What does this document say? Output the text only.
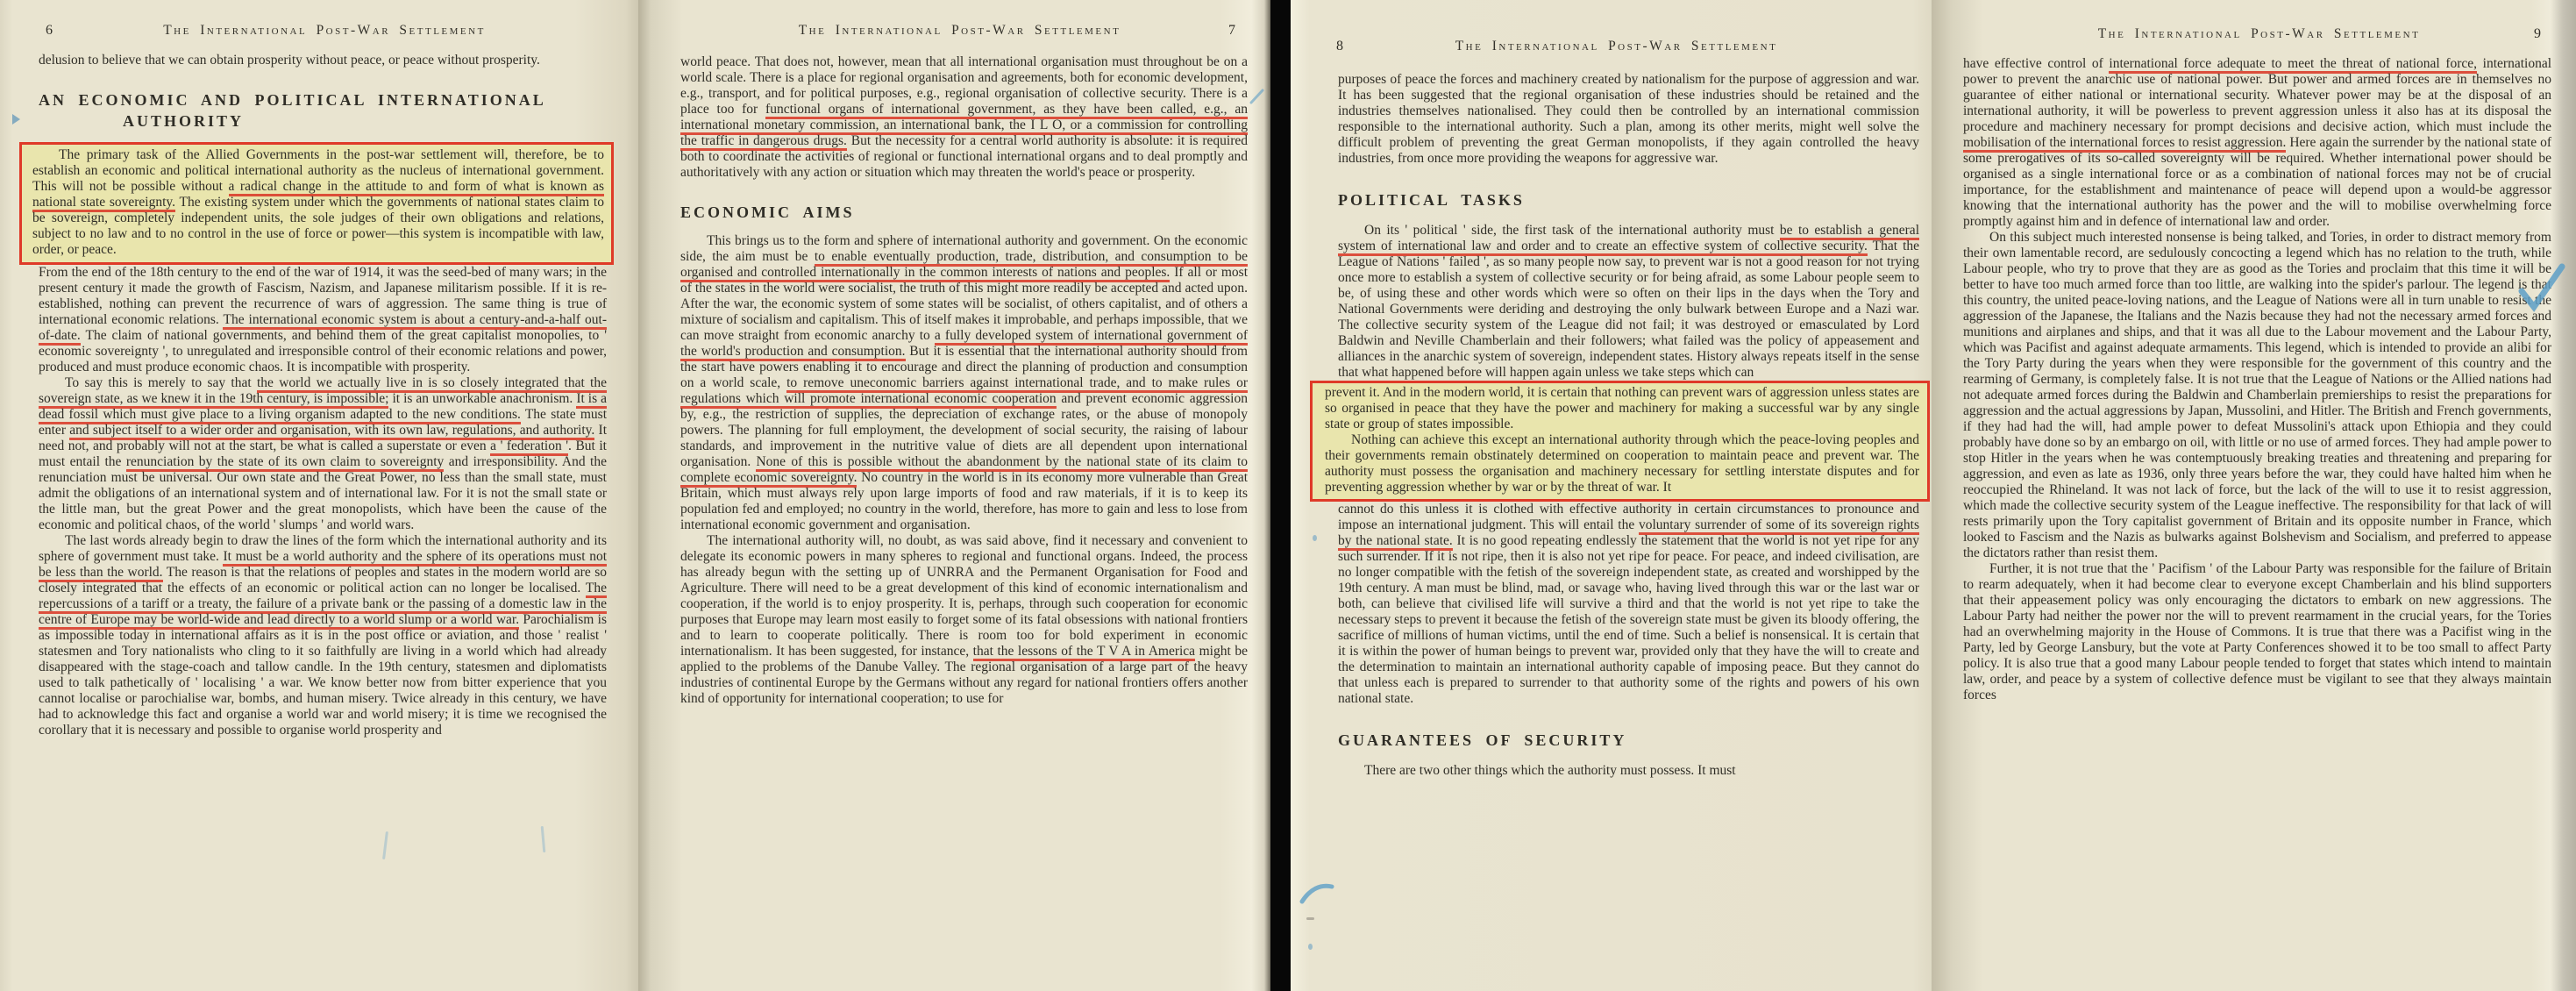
6	The International Post-War Settlement

delusion to believe that we can obtain prosperity without peace, or peace without prosperity.

AN ECONOMIC AND POLITICAL INTERNATIONAL
AUTHORITY

The primary task of the Allied Governments in the post-war settlement will, therefore, be to establish an economic and political international authority as the nucleus of international government. This will not be possible without a radical change in the attitude to and form of what is known as national state sovereignty. The existing system under which the governments of national states claim to be sovereign, completely independent units, the sole judges of their own obligations and relations, subject to no law and to no control in the use of force or power—this system is incompatible with law, order, or peace.

From the end of the 18th century to the end of the war of 1914, it was the seed-bed of many wars; in the present century it made the growth of Fascism, Nazism, and Japanese militarism possible. If it is re-established, nothing can prevent the recurrence of wars of aggression. The same thing is true of international economic relations. The international economic system is about a century-and-a-half out-of-date. The claim of national governments, and behind them of the great capitalist monopolies, to ' economic sovereignty ', to unregulated and irresponsible control of their economic relations and power, produced and must produce economic chaos. It is incompatible with prosperity.

To say this is merely to say that the world we actually live in is so closely integrated that the sovereign state, as we knew it in the 19th century, is impossible; it is an unworkable anachronism. It is a dead fossil which must give place to a living organism adapted to the new conditions. The state must enter and subject itself to a wider order and organisation, with its own law, regulations, and authority. It need not, and probably will not at the start, be what is called a superstate or even a ' federation '. But it must entail the renunciation by the state of its own claim to sovereignty and irresponsibility. And the renunciation must be universal. Our own state and the Great Power, no less than the small state, must admit the obligations of an international system and of international law. For it is not the small state or the little man, but the great Power and the great monopolists, which have been the cause of the economic and political chaos, of the world ' slumps ' and world wars.

The last words already begin to draw the lines of the form which the international authority and its sphere of government must take. It must be a world authority and the sphere of its operations must not be less than the world. The reason is that the relations of peoples and states in the modern world are so closely integrated that the effects of an economic or political action can no longer be localised. The repercussions of a tariff or a treaty, the failure of a private bank or the passing of a domestic law in the centre of Europe may be world-wide and lead directly to a world slump or a world war. Parochialism is as impossible today in international affairs as it is in the post office or aviation, and those ' realist ' statesmen and Tory nationalists who cling to it so faithfully are living in a world which had already disappeared with the stage-coach and tallow candle. In the 19th century, statesmen and diplomatists used to talk pathetically of ' localising ' a war. We know better now from bitter experience that you cannot localise or parochialise war, bombs, and human misery. Twice already in this century, we have had to acknowledge this fact and organise a world war and world misery; it is time we recognised the corollary that it is necessary and possible to organise world prosperity and

The International Post-War Settlement	7

world peace. That does not, however, mean that all international organisation must throughout be on a world scale. There is a place for regional organisation and agreements, both for economic development, e.g., transport, and for political purposes, e.g., regional organisation of collective security. There is a place too for functional organs of international government, as they have been called, e.g., an international monetary commission, an international bank, the I L O, or a commission for controlling the traffic in dangerous drugs. But the necessity for a central world authority is absolute: it is required both to coordinate the activities of regional or functional international organs and to deal promptly and authoritatively with any action or situation which may threaten the world's peace or prosperity.

ECONOMIC AIMS

This brings us to the form and sphere of international authority and government. On the economic side, the aim must be to enable eventually production, trade, distribution, and consumption to be organised and controlled internationally in the common interests of nations and peoples. If all or most of the states in the world were socialist, the truth of this might more readily be accepted and acted upon. After the war, the economic system of some states will be socialist, of others capitalist, and of others a mixture of socialism and capitalism. This of itself makes it improbable, and perhaps impossible, that we can move straight from economic anarchy to a fully developed system of international government of the world's production and consumption. But it is essential that the international authority should from the start have powers enabling it to encourage and direct the planning of production and consumption on a world scale, to remove uneconomic barriers against international trade, and to make rules or regulations which will promote international economic cooperation and prevent economic aggression by, e.g., the restriction of supplies, the depreciation of exchange rates, or the abuse of monopoly powers. The planning for full employment, the development of social security, the raising of labour standards, and improvement in the nutritive value of diets are all dependent upon international organisation. None of this is possible without the abandonment by the national state of its claim to complete economic sovereignty. No country in the world is in its economy more vulnerable than Great Britain, which must always rely upon large imports of food and raw materials, if it is to keep its population fed and employed; no country in the world, therefore, has more to gain and less to lose from international economic government and organisation.

The international authority will, no doubt, as was said above, find it necessary and convenient to delegate its economic powers in many spheres to regional and functional organs. Indeed, the process has already begun with the setting up of UNRRA and the Permanent Organisation for Food and Agriculture. There will need to be a great development of this kind of economic internationalism and cooperation, if the world is to enjoy prosperity. It is, perhaps, through such cooperation for economic purposes that Europe may learn most easily to forget some of its fatal obsessions with national frontiers and to learn to cooperate politically. There is room too for bold experiment in economic internationalism. It has been suggested, for instance, that the lessons of the T V A in America might be applied to the problems of the Danube Valley. The regional organisation of a large part of the heavy industries of continental Europe by the Germans without any regard for national frontiers offers another kind of opportunity for international cooperation; to use for

8	The International Post-War Settlement

purposes of peace the forces and machinery created by nationalism for the purpose of aggression and war. It has been suggested that the regional organisation of these industries should be retained and the industries themselves nationalised. They could then be controlled by an international commission responsible to the international authority. Such a plan, among its other merits, might well solve the difficult problem of preventing the great German monopolists, if they again controlled the heavy industries, from once more providing the weapons for aggressive war.

POLITICAL TASKS

On its ' political ' side, the first task of the international authority must be to establish a general system of international law and order and to create an effective system of collective security. That the League of Nations ' failed ', as so many people now say, to prevent war is not a good reason for not trying once more to establish a system of collective security or for being afraid, as some Labour people seem to be, of using these and other words which were so often on their lips in the days when the Tory and National Governments were deriding and destroying the only bulwark between Europe and a Nazi war. The collective security system of the League did not fail; it was destroyed or emasculated by Lord Baldwin and Neville Chamberlain and their followers; what failed was the policy of appeasement and alliances in the anarchic system of sovereign, independent states. History always repeats itself in the sense that what happened before will happen again unless we take steps which can

prevent it. And in the modern world, it is certain that nothing can prevent wars of aggression unless states are so organised in peace that they have the power and machinery for making a successful war by any single state or group of states impossible.

Nothing can achieve this except an international authority through which the peace-loving peoples and their governments remain obstinately determined on cooperation to maintain peace and prevent war. The authority must possess the organisation and machinery necessary for settling interstate disputes and for preventing aggression whether by war or by the threat of war. It

cannot do this unless it is clothed with effective authority in certain circumstances to pronounce and impose an international judgment. This will entail the voluntary surrender of some of its sovereign rights by the national state. It is no good repeating endlessly the statement that the world is not yet ripe for any such surrender. If it is not ripe, then it is also not yet ripe for peace. For peace, and indeed civilisation, are no longer compatible with the fetish of the sovereign independent state, as created and worshipped by the 19th century. A man must be blind, mad, or savage who, having lived through this war or the last war or both, can believe that civilised life will survive a third and that the world is not yet ripe to take the necessary steps to prevent it because the fetish of the sovereign state must be given its bloody offering, the sacrifice of millions of human victims, until the end of time. Such a belief is nonsensical. It is certain that it is within the power of human beings to prevent war, provided only that they have the will to create and the determination to maintain an international authority capable of imposing peace. But they cannot do that unless each is prepared to surrender to that authority some of the rights and powers of his own national state.

GUARANTEES OF SECURITY

There are two other things which the authority must possess. It must

The International Post-War Settlement	9

have effective control of international force adequate to meet the threat of national force, international power to prevent the anarchic use of national power. But power and armed forces are in themselves no guarantee of either national or international security. Whatever power may be at the disposal of an international authority, it will be powerless to prevent aggression unless it also has at its disposal the procedure and machinery necessary for prompt decisions and decisive action, which must include the mobilisation of the international forces to resist aggression. Here again the surrender by the national state of some prerogatives of its so-called sovereignty will be required. Whether international power should be organised as a single international force or as a combination of national forces may not be of crucial importance, for the establishment and maintenance of peace will depend upon a would-be aggressor knowing that the international authority has the power and the will to mobilise overwhelming force promptly against him and in defence of international law and order.

On this subject much interested nonsense is being talked, and Tories, in order to distract memory from their own lamentable record, are sedulously concocting a legend which has no relation to the truth, while Labour people, who try to prove that they are as good as the Tories and proclaim that this time it will be better to have too much armed force than too little, are walking into the spider's parlour. The legend is that this country, the united peace-loving nations, and the League of Nations were all in turn unable to resist the aggression of the Japanese, the Italians and the Nazis because they had not the necessary armed forces and munitions and airplanes and ships, and that it was all due to the Labour movement and the Labour Party, which was Pacifist and against adequate armaments. This legend, which is intended to provide an alibi for the Tory Party during the years when they were responsible for the government of this country and the rearming of Germany, is completely false. It is not true that the League of Nations or the Allied nations had not adequate armed forces during the Baldwin and Chamberlain premierships to resist the preparations for aggression and the actual aggressions by Japan, Mussolini, and Hitler. The British and French governments, if they had had the will, had ample power to defeat Mussolini's attack upon Ethiopia and they could probably have done so by an embargo on oil, with little or no use of armed forces. They had ample power to stop Hitler in the years when he was contemptuously breaking treaties and threatening and preparing for aggression, and even as late as 1936, only three years before the war, they could have halted him when he reoccupied the Rhineland. It was not lack of force, but the lack of the will to use it to resist aggression, which made the collective security system of the League ineffective. The responsibility for that lack of will rests primarily upon the Tory capitalist government of Britain and its opposite number in France, which looked to Fascism and the Nazis as bulwarks against Bolshevism and Socialism, and preferred to appease the dictators rather than resist them.

Further, it is not true that the ' Pacifism ' of the Labour Party was responsible for the failure of Britain to rearm adequately, when it had become clear to everyone except Chamberlain and his blind supporters that their appeasement policy was only encouraging the dictators to embark on new aggressions. The Labour Party had neither the power nor the will to prevent rearmament in the crucial years, for the Tories had an overwhelming majority in the House of Commons. It is true that there was a Pacifist wing in the Party, led by George Lansbury, but the vote at Party Conferences showed it to be too small to affect Party policy. It is also true that a good many Labour people tended to forget that states which intend to maintain law, order, and peace by a system of collective defence must be vigilant to see that they always maintain forces
